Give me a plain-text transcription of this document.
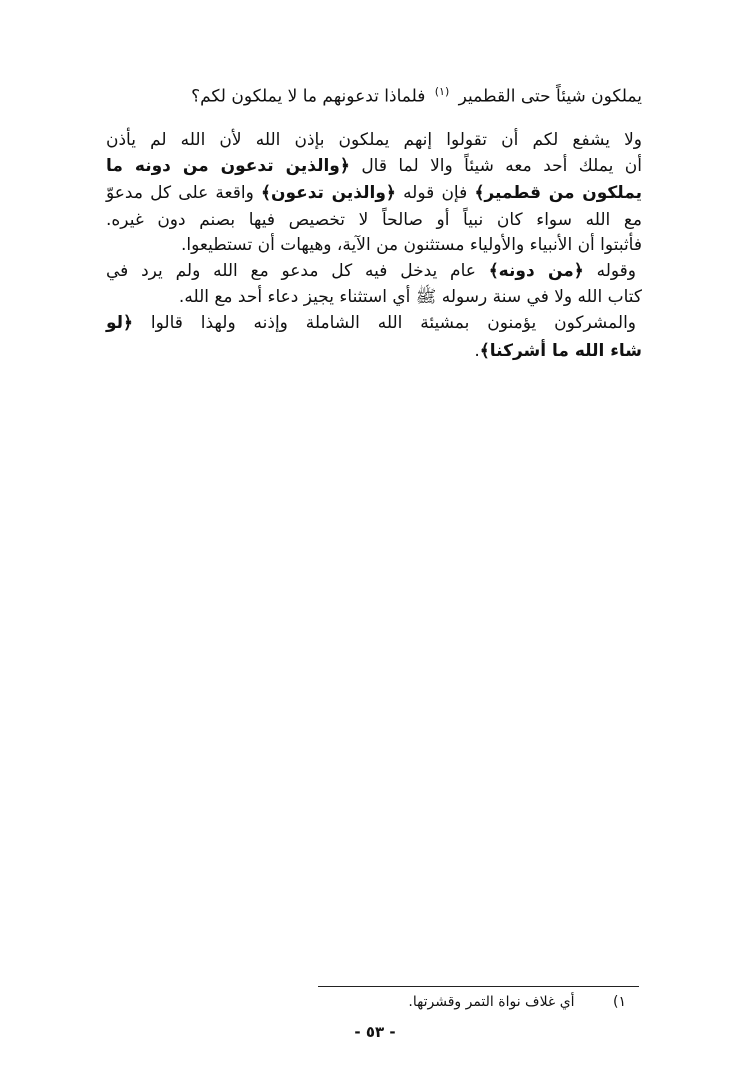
يملكون شيئاً حتى القطمير $^{(١)}$ فلماذا تدعونهم ما لا يملكون لكم؟
ولا يشفع لكم أن تقولوا إنهم يملكون بإذن الله لأن الله لم يأذن
أن يملك أحد معه شيئاً والا لما قال ﴿والذين تدعون من دونه ما
يملكون من قطمير﴾ فإن قوله ﴿والذين تدعون﴾ واقعة على كل مدعوّ
مع الله سواء كان نبياً أو صالحاً لا تخصيص فيها بصنم دون غيره.
فأثبتوا أن الأنبياء والأولياء مستثنون من الآية، وهيهات أن تستطيعوا.
وقوله ﴿من دونه﴾ عام يدخل فيه كل مدعو مع الله ولم يرد في
كتاب الله ولا في سنة رسوله ﷺ أي استثناء يجيز دعاء أحد مع الله.
والمشركون يؤمنون بمشيئة الله الشاملة وإذنه ولهذا قالوا ﴿لو
شاء الله ما أشركنا﴾.
١) أي غلاف نواة التمر وقشرتها.
- ٥٣ -
